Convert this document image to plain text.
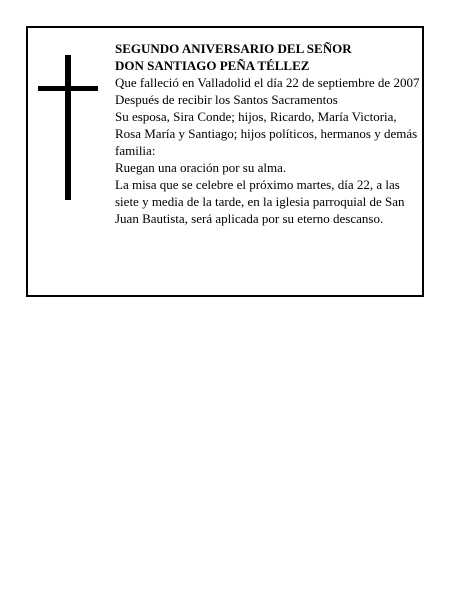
SEGUNDO ANIVERSARIO DEL SEÑOR

DON SANTIAGO PEÑA TÉLLEZ

Que falleció en Valladolid el día 22 de septiembre de 2007

Después de recibir los Santos Sacramentos

Su esposa, Sira Conde; hijos, Ricardo, María Victoria, Rosa María y Santiago; hijos políticos, hermanos y demás familia:

Ruegan una oración por su alma.

La misa que se celebre el próximo martes, día 22, a las siete y media de la tarde, en la iglesia parroquial de San Juan Bautista, será aplicada por su eterno descanso.
